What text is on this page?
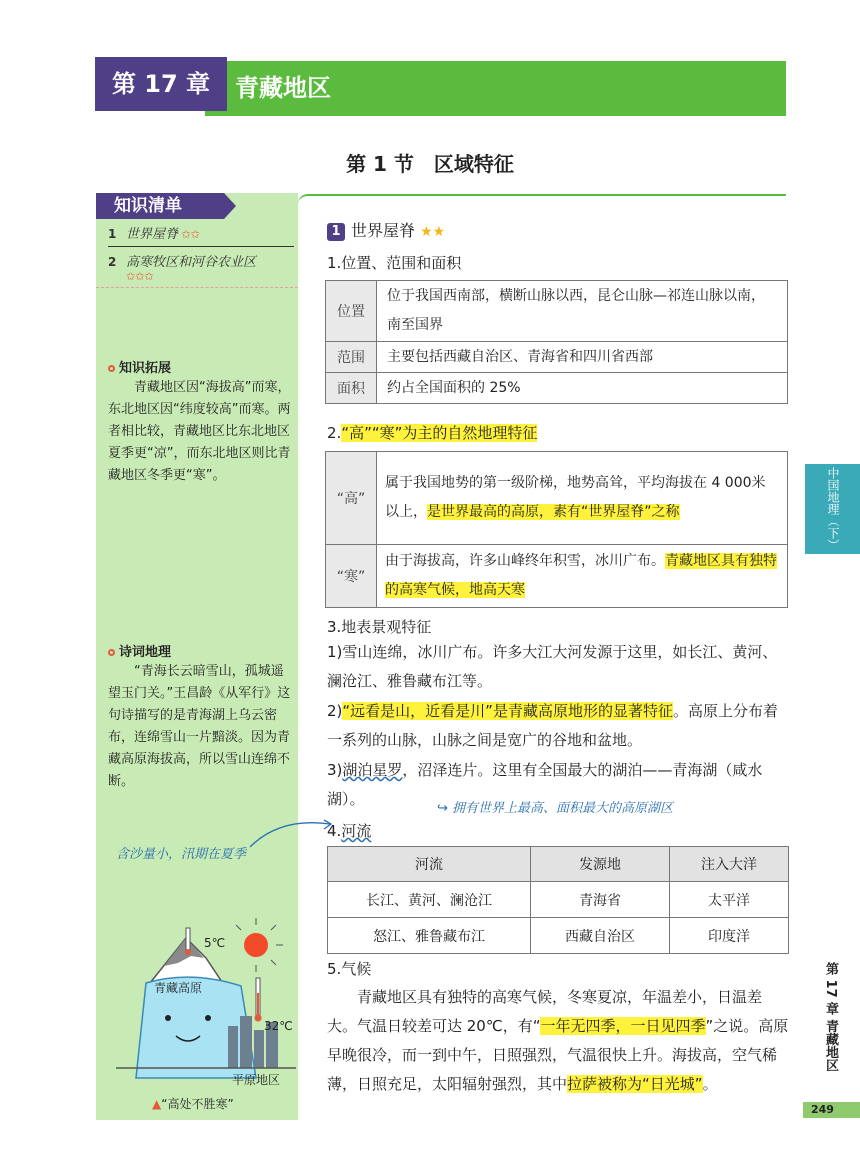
第 17 章	青藏地区
第 1 节　区域特征
知识清单
1 世界屋脊 ✩✩
2 高寒牧区和河谷农业区
✩✩✩
知识拓展
青藏地区因“海拔高”而寒，东北地区因“纬度较高”而寒。两者相比较，青藏地区比东北地区夏季更“凉”，而东北地区则比青藏地区冬季更“寒”。
诗词地理
“青海长云暗雪山，孤城遥望玉门关。”王昌龄《从军行》这句诗描写的是青海湖上乌云密布，连绵雪山一片黯淡。因为青藏高原海拔高，所以雪山连绵不断。
含沙量小，汛期在夏季
5℃
青藏高原
32℃
平原地区
▲“高处不胜寒”
1 世界屋脊 ★★
1.位置、范围和面积
位置	位于我国西南部，横断山脉以西，昆仑山脉—祁连山脉以南，南至国界
范围	主要包括西藏自治区、青海省和四川省西部
面积	约占全国面积的 25%
2.“高”“寒”为主的自然地理特征
“高”	属于我国地势的第一级阶梯，地势高耸，平均海拔在 4 000米以上，是世界最高的高原，素有“世界屋脊”之称
“寒”	由于海拔高，许多山峰终年积雪，冰川广布。青藏地区具有独特的高寒气候，地高天寒
3.地表景观特征
1)雪山连绵，冰川广布。许多大江大河发源于这里，如长江、黄河、澜沧江、雅鲁藏布江等。
2)“远看是山，近看是川”是青藏高原地形的显著特征。高原上分布着一系列的山脉，山脉之间是宽广的谷地和盆地。
3)湖泊星罗，沼泽连片。这里有全国最大的湖泊——青海湖（咸水湖）。
↪ 拥有世界上最高、面积最大的高原湖区
4.河流
河流	发源地	注入大洋
长江、黄河、澜沧江	青海省	太平洋
怒江、雅鲁藏布江	西藏自治区	印度洋
5.气候
青藏地区具有独特的高寒气候，冬寒夏凉，年温差小，日温差大。气温日较差可达 20℃，有“一年无四季，一日见四季”之说。高原早晚很冷，而一到中午，日照强烈，气温很快上升。海拔高，空气稀薄，日照充足，太阳辐射强烈，其中拉萨被称为“日光城”。
中国地理（下）
第 17 章 青藏地区
249
